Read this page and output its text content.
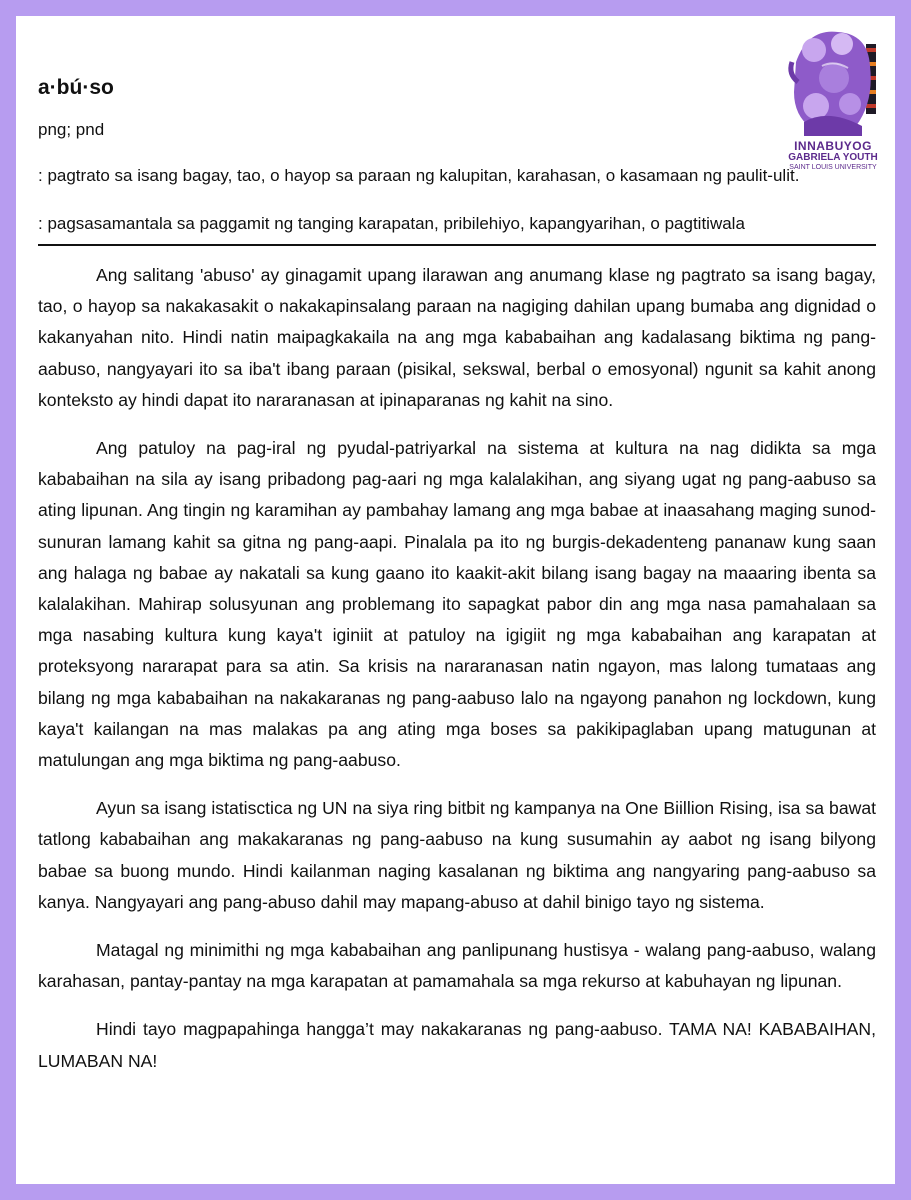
a·bú·so
png; pnd
: pagtrato sa isang bagay, tao, o hayop sa paraan ng kalupitan, karahasan, o kasamaan ng paulit-ulit.
: pagsasamantala sa paggamit ng tanging karapatan, pribilehiyo, kapangyarihan, o pagtitiwala
INNABUYOG
GABRIELA YOUTH
SAINT LOUIS UNIVERSITY

Ang salitang 'abuso' ay ginagamit upang ilarawan ang anumang klase ng pagtrato sa isang bagay, tao, o hayop sa nakakasakit o nakakapinsalang paraan na nagiging dahilan upang bumaba ang dignidad o kakanyahan nito. Hindi natin maipagkakaila na ang mga kababaihan ang kadalasang biktima ng pang-aabuso, nangyayari ito sa iba't ibang paraan (pisikal, sekswal, berbal o emosyonal) ngunit sa kahit anong konteksto ay hindi dapat ito nararanasan at ipinaparanas ng kahit na sino.

Ang patuloy na pag-iral ng pyudal-patriyarkal na sistema at kultura na nag didikta sa mga kababaihan na sila ay isang pribadong pag-aari ng mga kalalakihan, ang siyang ugat ng pang-aabuso sa ating lipunan. Ang tingin ng karamihan ay pambahay lamang ang mga babae at inaasahang maging sunod-sunuran lamang kahit sa gitna ng pang-aapi. Pinalala pa ito ng burgis-dekadenteng pananaw kung saan ang halaga ng babae ay nakatali sa kung gaano ito kaakit-akit bilang isang bagay na maaaring ibenta sa kalalakihan. Mahirap solusyunan ang problemang ito sapagkat pabor din ang mga nasa pamahalaan sa mga nasabing kultura kung kaya't iginiit at patuloy na igigiit ng mga kababaihan ang karapatan at proteksyong nararapat para sa atin. Sa krisis na nararanasan natin ngayon, mas lalong tumataas ang bilang ng mga kababaihan na nakakaranas ng pang-aabuso lalo na ngayong panahon ng lockdown, kung kaya't kailangan na mas malakas pa ang ating mga boses sa pakikipaglaban upang matugunan at matulungan ang mga biktima ng pang-aabuso.

Ayun sa isang istatisctica ng UN na siya ring bitbit ng kampanya na One Biillion Rising, isa sa bawat tatlong kababaihan ang makakaranas ng pang-aabuso na kung susumahin ay aabot ng isang bilyong babae sa buong mundo. Hindi kailanman naging kasalanan ng biktima ang nangyaring pang-aabuso sa kanya. Nangyayari ang pang-abuso dahil may mapang-abuso at dahil binigo tayo ng sistema.

Matagal ng minimithi ng mga kababaihan ang panlipunang hustisya - walang pang-aabuso, walang karahasan, pantay-pantay na mga karapatan at pamamahala sa mga rekurso at kabuhayan ng lipunan.

Hindi tayo magpapahinga hangga’t may nakakaranas ng pang-aabuso. TAMA NA! KABABAIHAN, LUMABAN NA!
